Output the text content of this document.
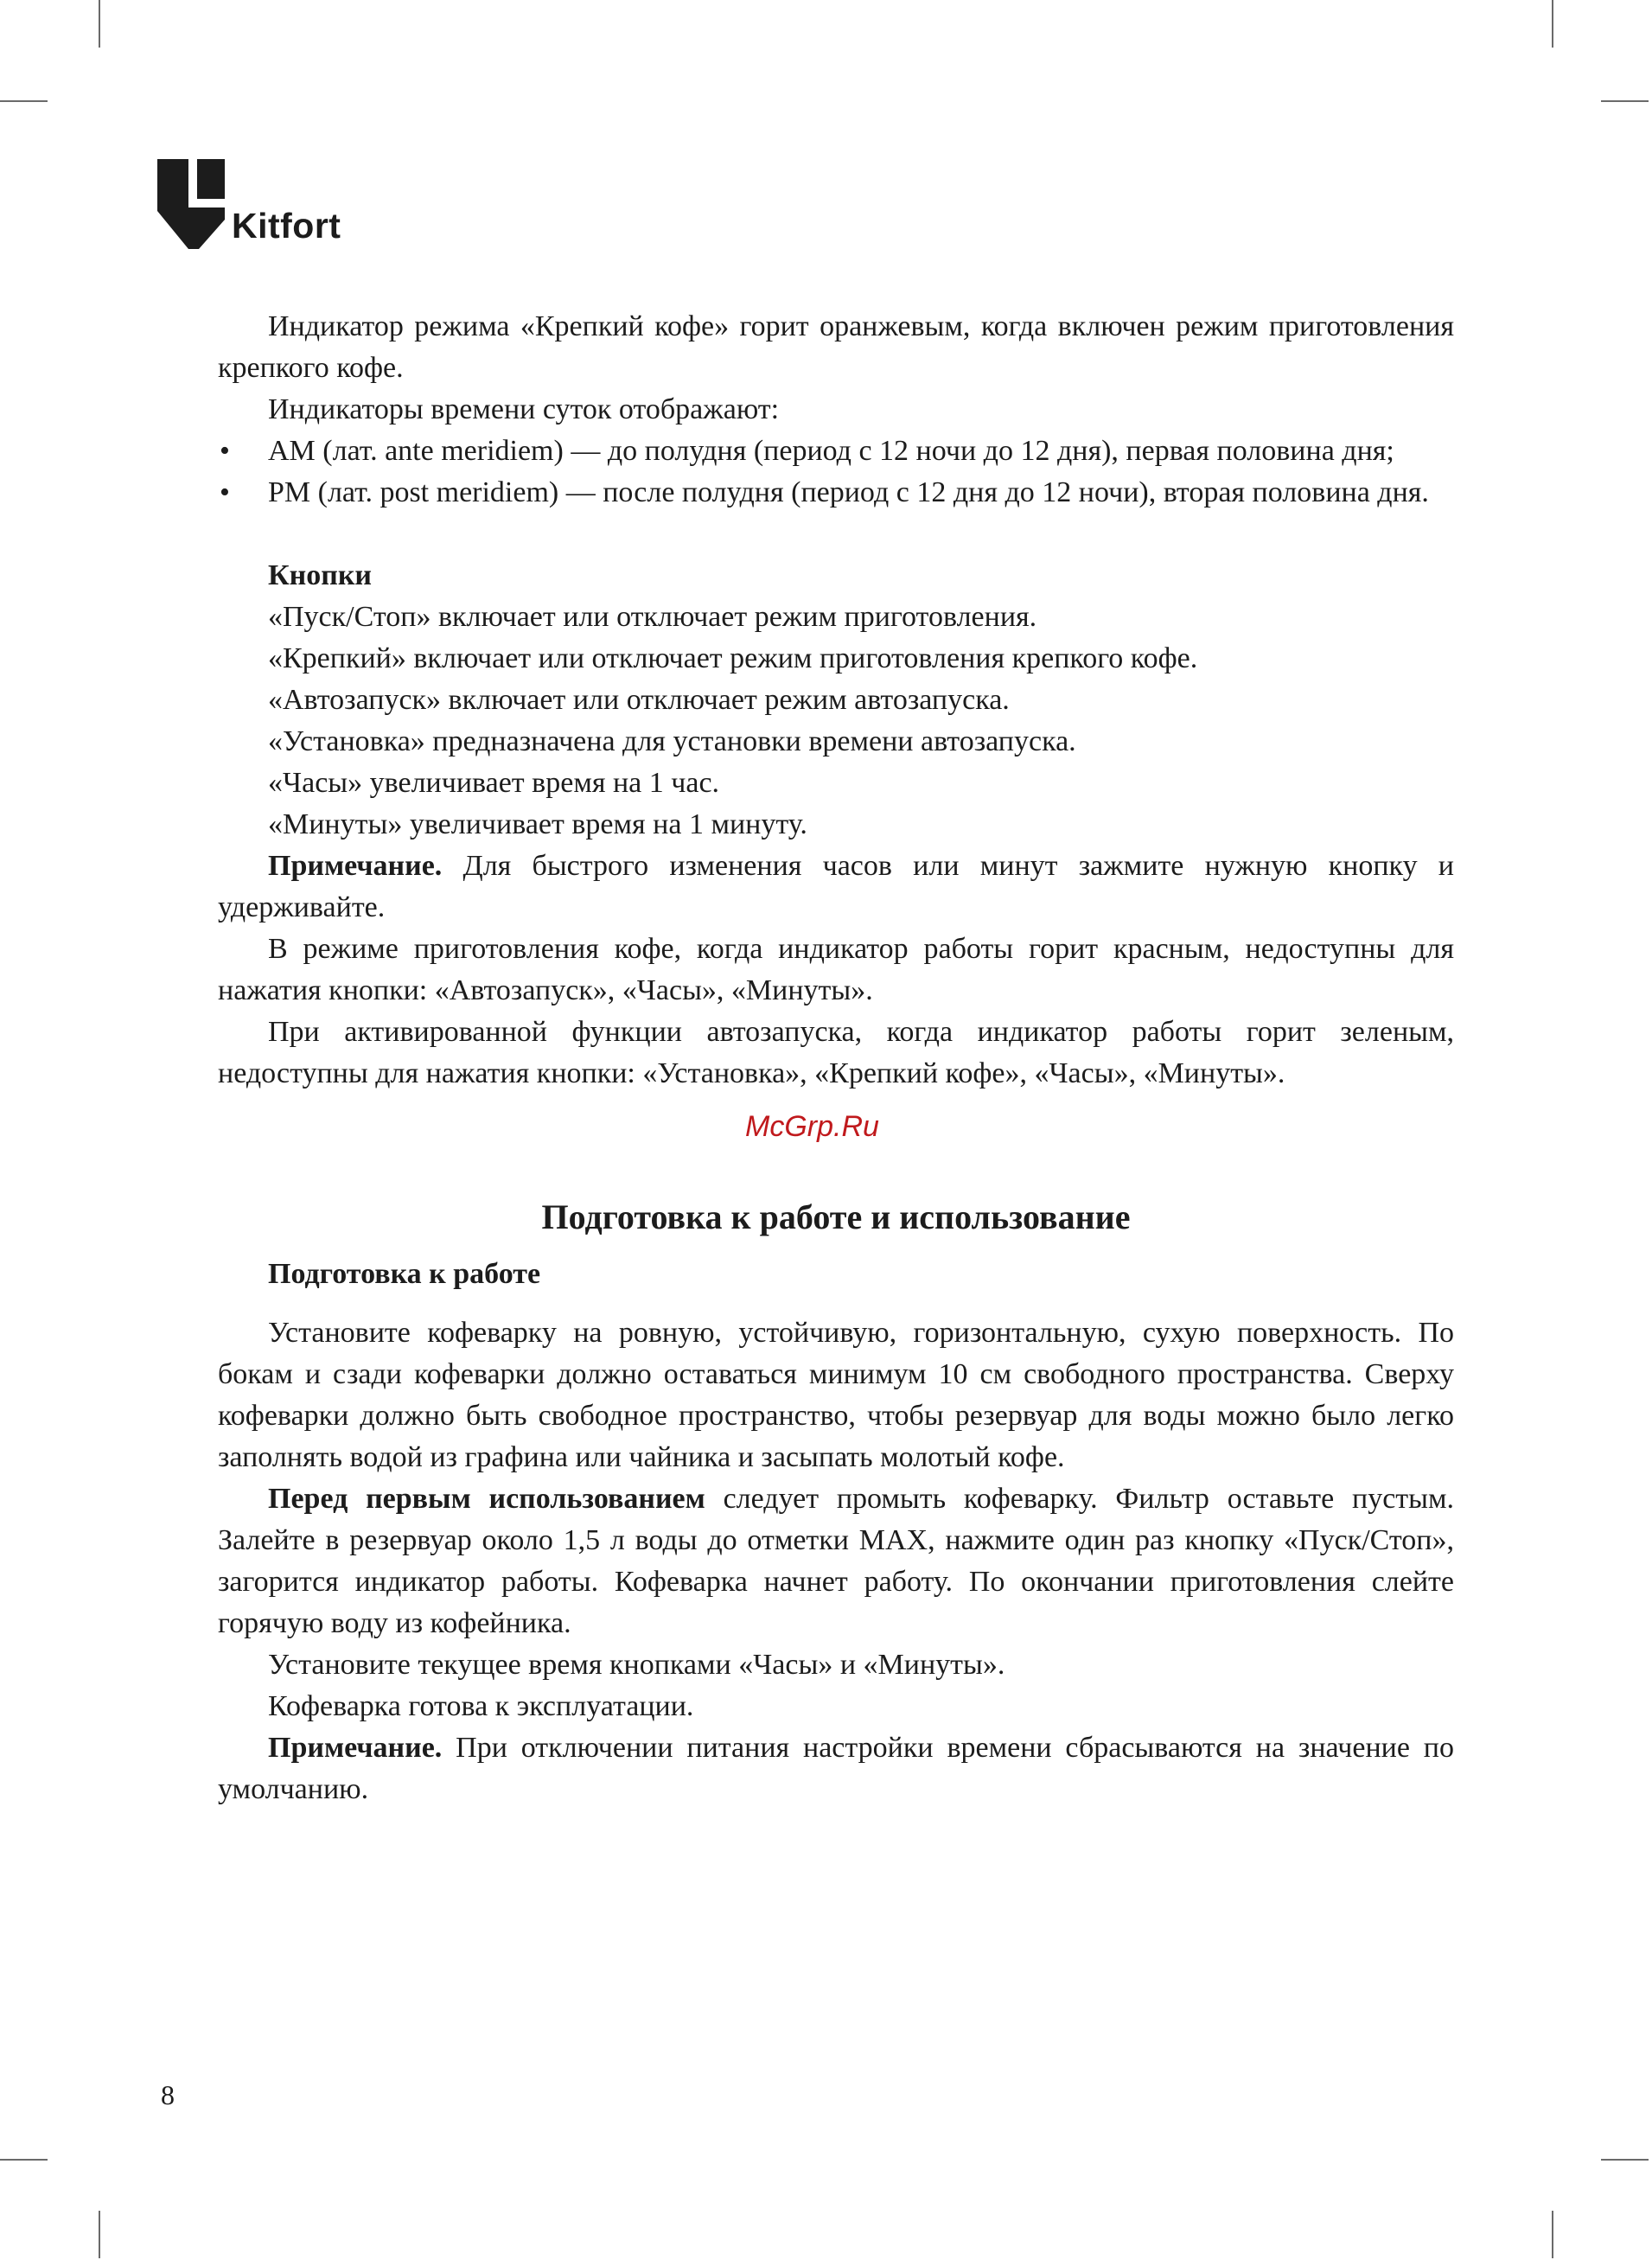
Kitfort

Индикатор режима «Крепкий кофе» горит оранжевым, когда включен режим приготовления крепкого кофе.

Индикаторы времени суток отображают:

•	AM (лат. ante meridiem) — до полудня (период с 12 ночи до 12 дня), первая половина дня;
•	PM (лат. post meridiem) — после полудня (период с 12 дня до 12 ночи), вторая половина дня.

Кнопки

«Пуск/Стоп» включает или отключает режим приготовления.

«Крепкий» включает или отключает режим приготовления крепкого кофе.

«Автозапуск» включает или отключает режим автозапуска.

«Установка» предназначена для установки времени автозапуска.

«Часы» увеличивает время на 1 час.

«Минуты» увеличивает время на 1 минуту.

Примечание. Для быстрого изменения часов или минут зажмите нужную кнопку и удерживайте.

В режиме приготовления кофе, когда индикатор работы горит красным, недоступны для нажатия кнопки: «Автозапуск», «Часы», «Минуты».

При активированной функции автозапуска, когда индикатор работы горит зеленым, недоступны для нажатия кнопки: «Установка», «Крепкий кофе», «Часы», «Минуты».

Подготовка к работе и использование

Подготовка к работе

Установите кофеварку на ровную, устойчивую, горизонтальную, сухую поверхность. По бокам и сзади кофеварки должно оставаться минимум 10 см свободного пространства. Сверху кофеварки должно быть свободное пространство, чтобы резервуар для воды можно было легко заполнять водой из графина или чайника и засыпать молотый кофе.

Перед первым использованием следует промыть кофеварку. Фильтр оставьте пустым. Залейте в резервуар около 1,5 л воды до отметки MAX, нажмите один раз кнопку «Пуск/Стоп», загорится индикатор работы. Кофеварка начнет работу. По окончании приготовления слейте горячую воду из кофейника.

Установите текущее время кнопками «Часы» и «Минуты».

Кофеварка готова к эксплуатации.

Примечание. При отключении питания настройки времени сбрасываются на значение по умолчанию.

McGrp.Ru
8
